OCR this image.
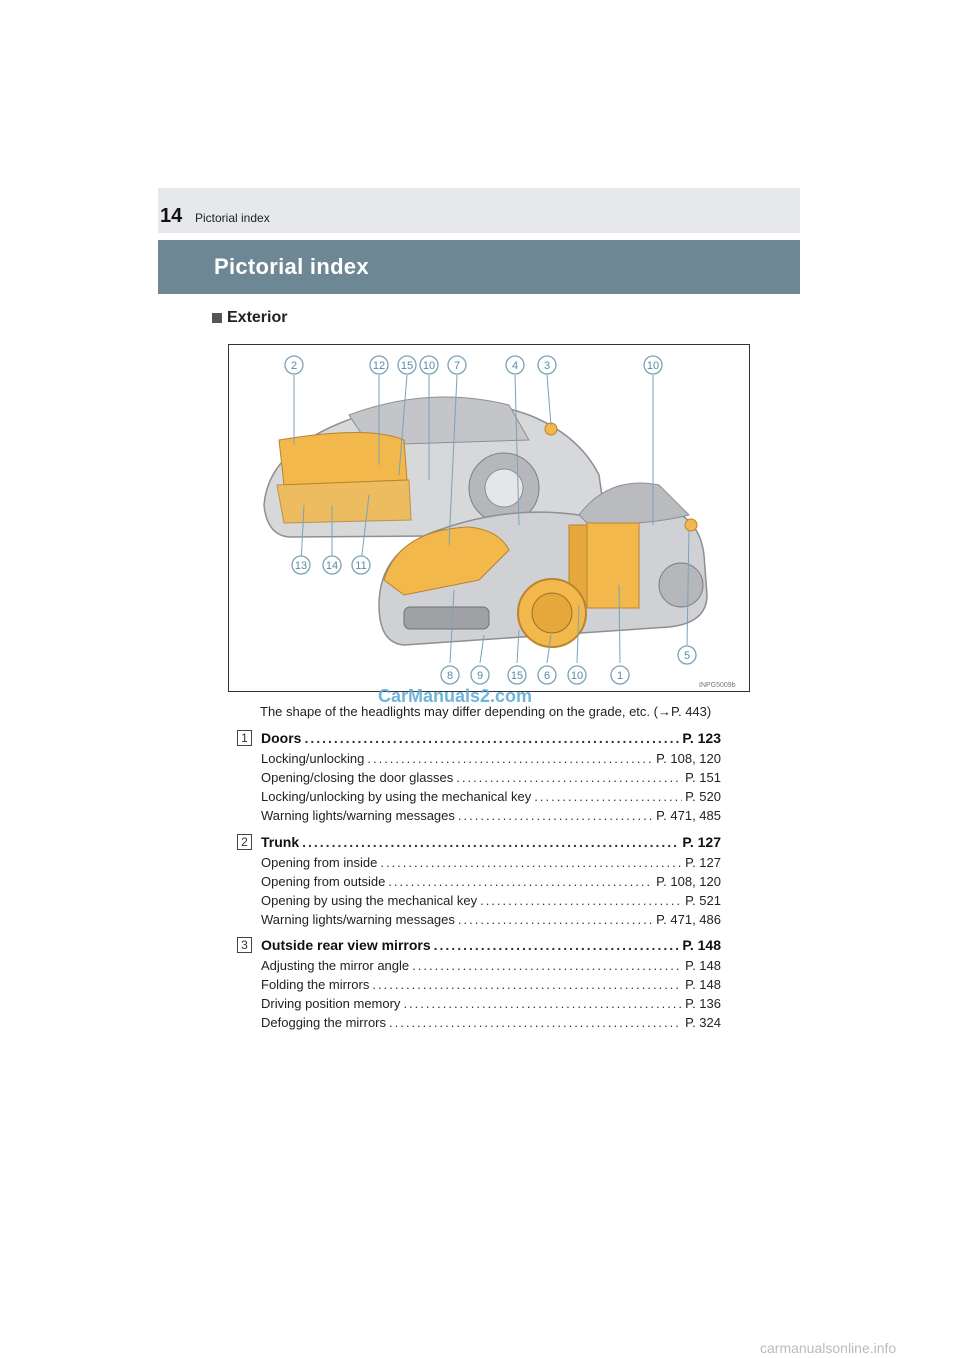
14 Pictorial index
Pictorial index
Exterior
2	12 15 10 7	4 3	10
13 14 11
8 9	15 6 10	1
5
INPG5009b
CarManuals2.com
The shape of the headlights may differ depending on the grade, etc. (→P. 443)
1 Doors .....	P. 123
Locking/unlocking .....	P. 108, 120
Opening/closing the door glasses .....	P. 151
Locking/unlocking by using the mechanical key .....	P. 520
Warning lights/warning messages .....	P. 471, 485
2 Trunk .....	P. 127
Opening from inside .....	P. 127
Opening from outside .....	P. 108, 120
Opening by using the mechanical key .....	P. 521
Warning lights/warning messages .....	P. 471, 486
3 Outside rear view mirrors .....	P. 148
Adjusting the mirror angle .....	P. 148
Folding the mirrors .....	P. 148
Driving position memory .....	P. 136
Defogging the mirrors .....	P. 324
carmanualsonline.info
